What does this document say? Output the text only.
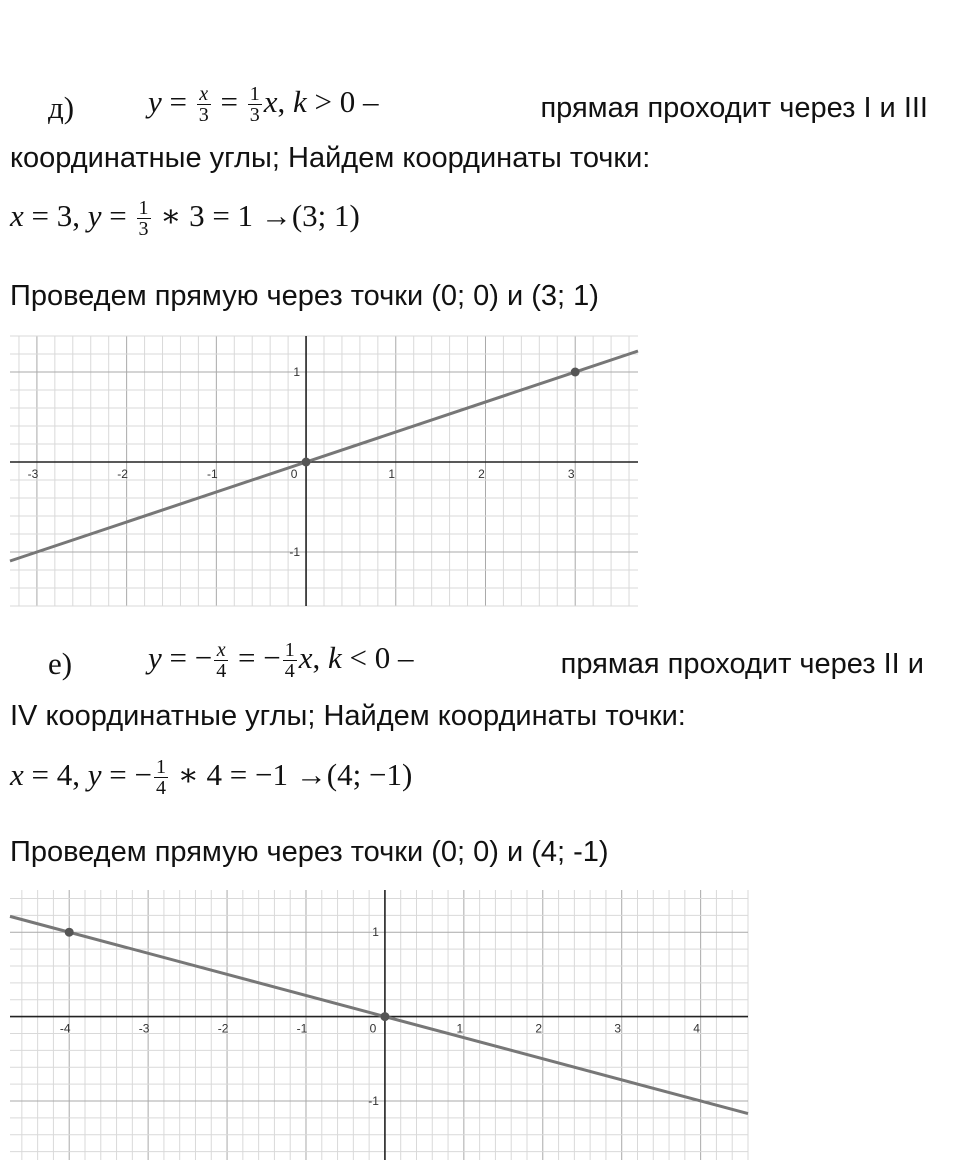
д) $y = \frac{x}{3} = \frac{1}{3} x$, k > 0 –	прямая проходит через I и III
координатные углы; Найдем координаты точки:
x = 3, $y = \frac{1}{3}$ ∗ 3 = 1 →(3; 1)
Проведем прямую через точки (0; 0) и (3; 1)
-3	-2	-1	0	1	2	3
-1
1
е) y = − $\frac{x}{4}$ = − $\frac{1}{4} x$, k < 0 –	прямая проходит через II и
IV координатные углы; Найдем координаты точки:
x = 4, y = − $\frac{1}{4}$ ∗ 4 = −1 →(4; −1)
Проведем прямую через точки (0; 0) и (4; -1)
-4	-3	-2	-1	0	1	2	3	4
-1
1
